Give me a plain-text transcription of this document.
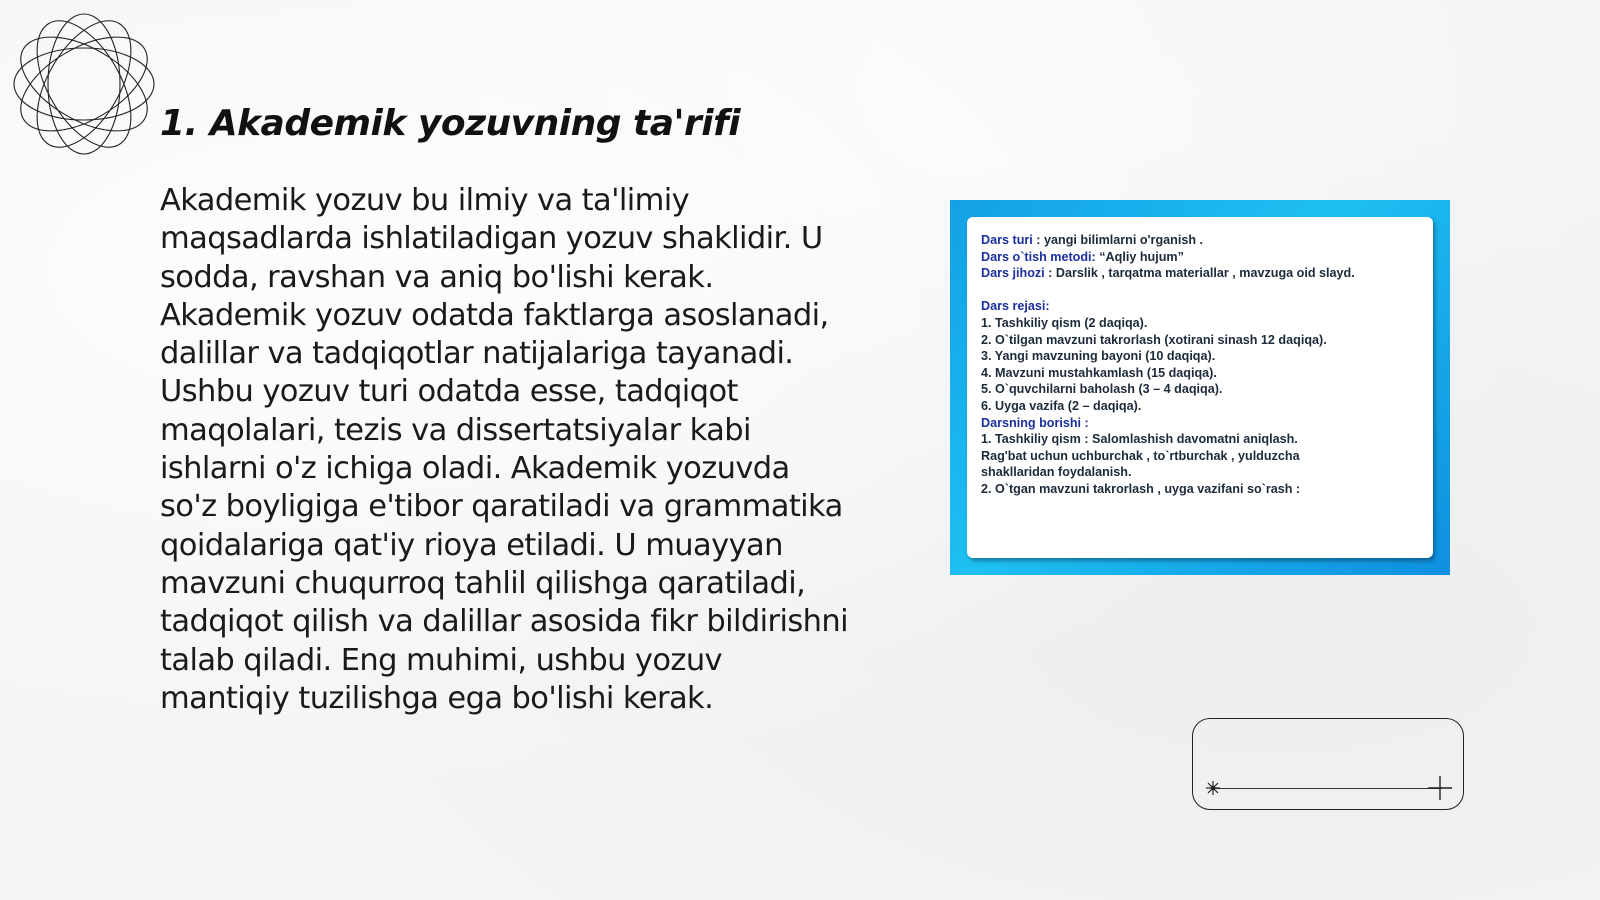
1. Akademik yozuvning ta'rifi

Akademik yozuv bu ilmiy va ta'limiy maqsadlarda ishlatiladigan yozuv shaklidir. U sodda, ravshan va aniq bo'lishi kerak. Akademik yozuv odatda faktlarga asoslanadi, dalillar va tadqiqotlar natijalariga tayanadi. Ushbu yozuv turi odatda esse, tadqiqot maqolalari, tezis va dissertatsiyalar kabi ishlarni o'z ichiga oladi. Akademik yozuvda so'z boyligiga e'tibor qaratiladi va grammatika qoidalariga qat'iy rioya etiladi. U muayyan mavzuni chuqurroq tahlil qilishga qaratiladi, tadqiqot qilish va dalillar asosida fikr bildirishni talab qiladi. Eng muhimi, ushbu yozuv mantiqiy tuzilishga ega bo'lishi kerak.

Dars turi : yangi bilimlarni o'rganish .
Dars o`tish metodi: “Aqliy hujum”
Dars jihozi : Darslik , tarqatma materiallar , mavzuga oid slayd.
Dars rejasi:
1. Tashkiliy qism (2 daqiqa).
2. O`tilgan mavzuni takrorlash (xotirani sinash 12 daqiqa).
3. Yangi mavzuning bayoni (10 daqiqa).
4. Mavzuni mustahkamlash (15 daqiqa).
5. O`quvchilarni baholash (3 – 4 daqiqa).
6. Uyga vazifa (2 – daqiqa).
Darsning borishi :
1. Tashkiliy qism : Salomlashish davomatni aniqlash.
Rag'bat uchun uchburchak , to`rtburchak , yulduzcha
shakllaridan foydalanish.
2. O`tgan mavzuni takrorlash , uyga vazifani so`rash :
